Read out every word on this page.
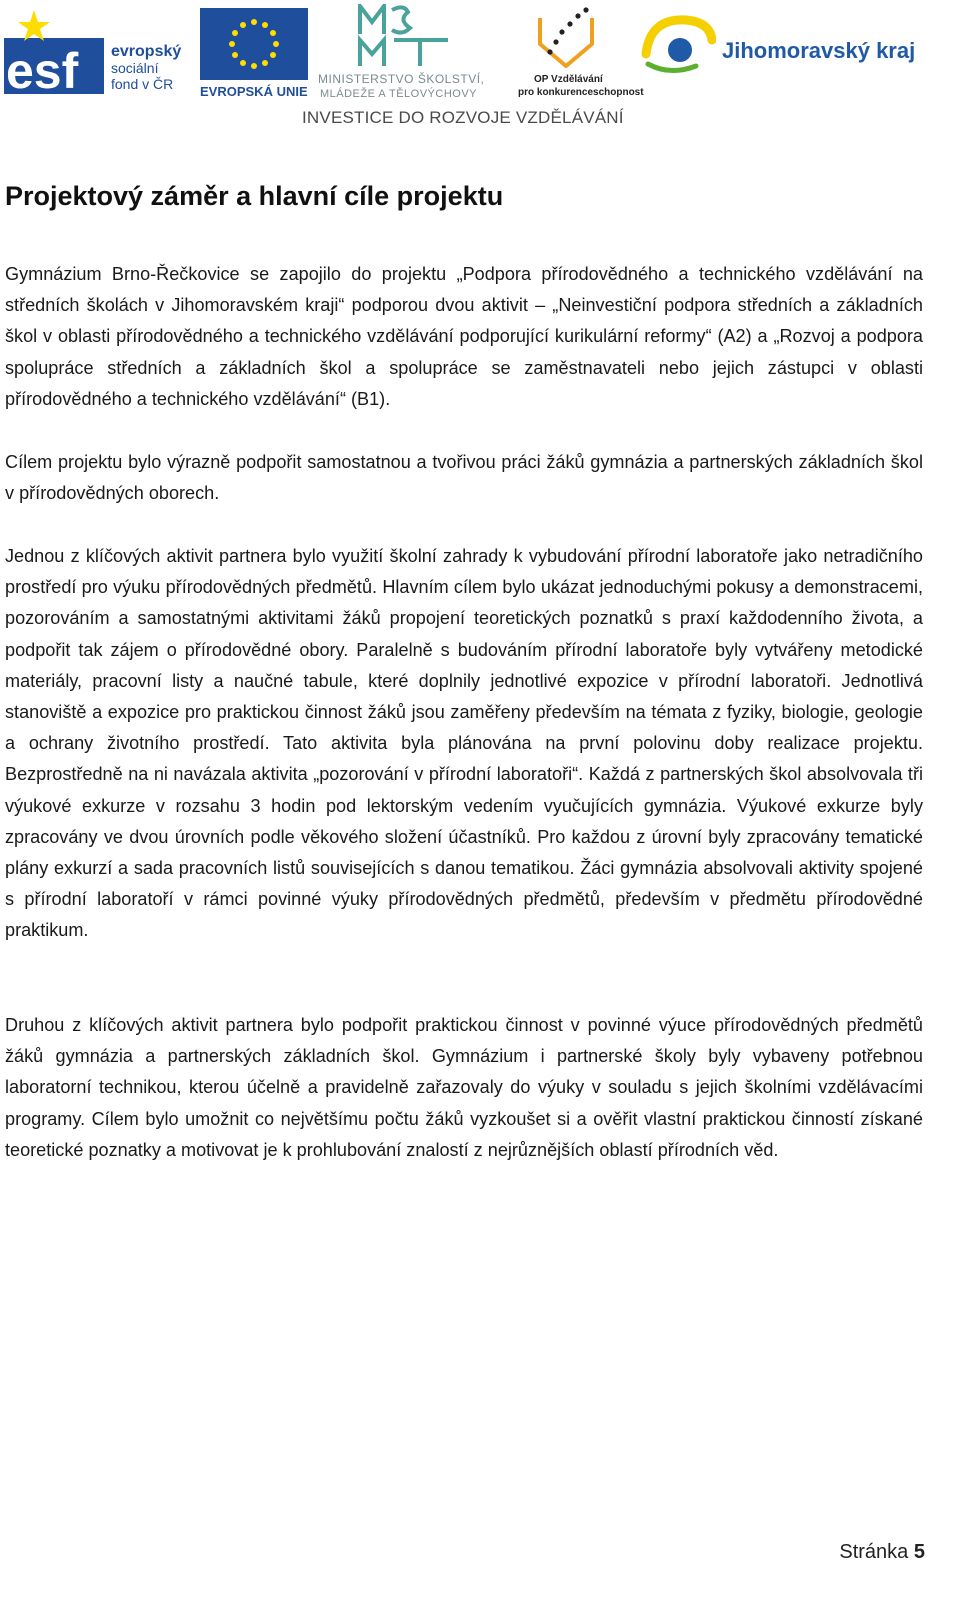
esf evropský
sociální
fond v ČR	EVROPSKÁ UNIE
MINISTERSTVO ŠKOLSTVÍ,
MLÁDEŽE A TĚLOVÝCHOVY
OP Vzdělávání
pro konkurenceschopnost
Jihomoravský kraj
INVESTICE DO ROZVOJE VZDĚLÁVÁNÍ
Projektový záměr a hlavní cíle projektu

Gymnázium Brno-Řečkovice se zapojilo do projektu „Podpora přírodovědného a technického vzdělávání na středních školách v Jihomoravském kraji“ podporou dvou aktivit – „Neinvestiční podpora středních a základních škol v oblasti přírodovědného a technického vzdělávání podporující kurikulární reformy“ (A2) a „Rozvoj a podpora spolupráce středních a základních škol a spolupráce se zaměstnavateli nebo jejich zástupci v oblasti přírodovědného a technického vzdělávání“ (B1).

Cílem projektu bylo výrazně podpořit samostatnou a tvořivou práci žáků gymnázia a partnerských základních škol v přírodovědných oborech.

Jednou z klíčových aktivit partnera bylo využití školní zahrady k vybudování přírodní laboratoře jako netradičního prostředí pro výuku přírodovědných předmětů. Hlavním cílem bylo ukázat jednoduchými pokusy a demonstracemi, pozorováním a samostatnými aktivitami žáků propojení teoretických poznatků s praxí každodenního života, a podpořit tak zájem o přírodovědné obory. Paralelně s budováním přírodní laboratoře byly vytvářeny metodické materiály, pracovní listy a naučné tabule, které doplnily jednotlivé expozice v přírodní laboratoři. Jednotlivá stanoviště a expozice pro praktickou činnost žáků jsou zaměřeny především na témata z fyziky, biologie, geologie a ochrany životního prostředí. Tato aktivita byla plánována na první polovinu doby realizace projektu. Bezprostředně na ni navázala aktivita „pozorování v přírodní laboratoři“. Každá z partnerských škol absolvovala tři výukové exkurze v rozsahu 3 hodin pod lektorským vedením vyučujících gymnázia. Výukové exkurze byly zpracovány ve dvou úrovních podle věkového složení účastníků. Pro každou z úrovní byly zpracovány tematické plány exkurzí a sada pracovních listů souvisejících s danou tematikou. Žáci gymnázia absolvovali aktivity spojené s přírodní laboratoří v rámci povinné výuky přírodovědných předmětů, především v předmětu přírodovědné praktikum.

Druhou z klíčových aktivit partnera bylo podpořit praktickou činnost v povinné výuce přírodovědných předmětů žáků gymnázia a partnerských základních škol. Gymnázium i partnerské školy byly vybaveny potřebnou laboratorní technikou, kterou účelně a pravidelně zařazovaly do výuky v souladu s jejich školními vzdělávacími programy. Cílem bylo umožnit co největšímu počtu žáků vyzkoušet si a ověřit vlastní praktickou činností získané teoretické poznatky a motivovat je k prohlubování znalostí z nejrůznějších oblastí přírodních věd.

Stránka 5
